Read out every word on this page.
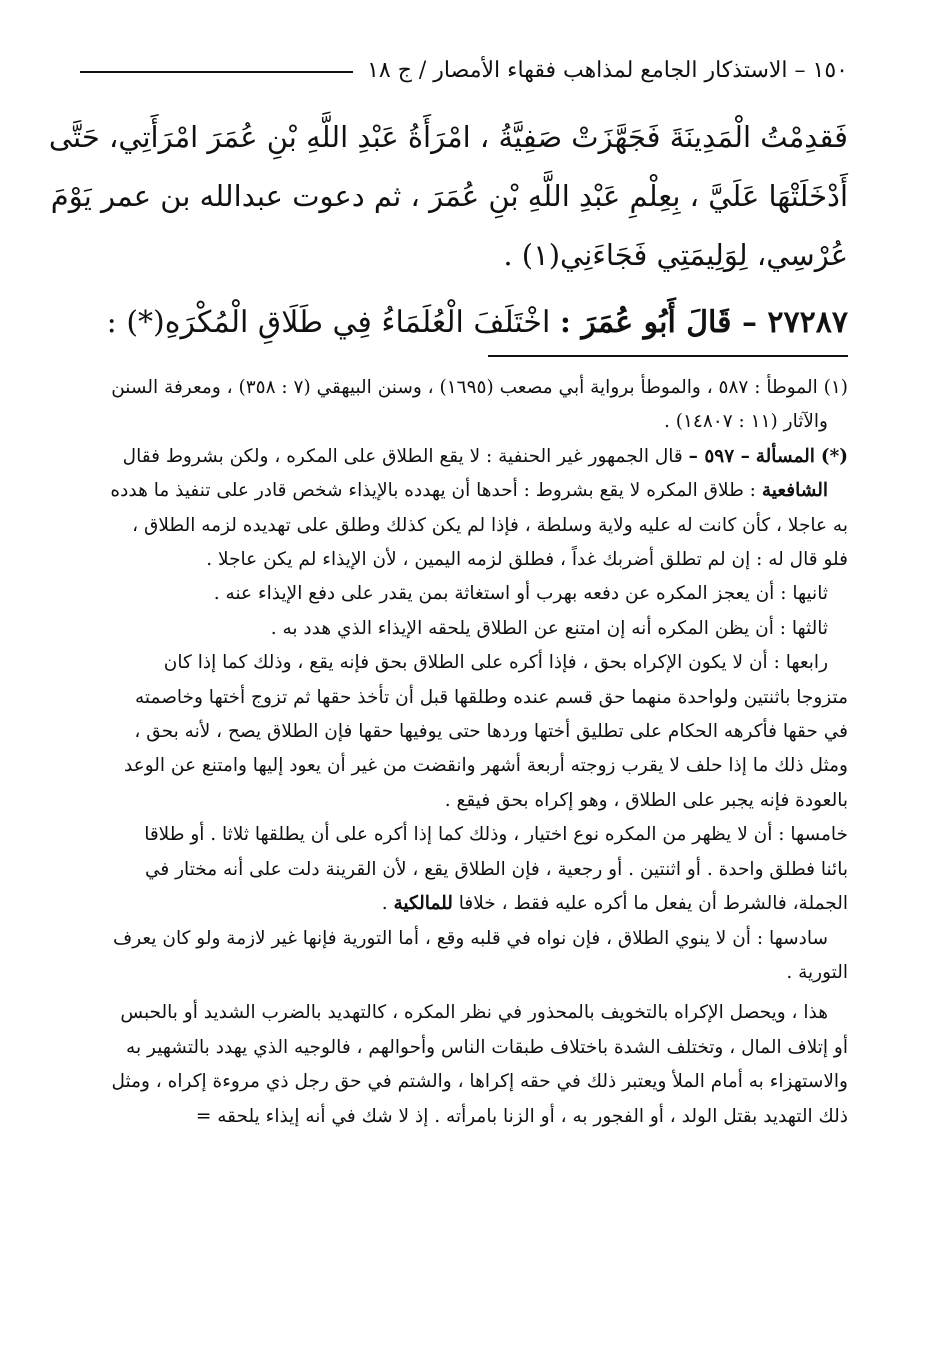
١٥٠ – الاستذكار الجامع لمذاهب فقهاء الأمصار / ج ١٨
فَقدِمْتُ الْمَدِينَةَ فَجَهَّزَتْ صَفِيَّةُ ، امْرَأَةُ عَبْدِ اللَّهِ بْنِ عُمَرَ امْرَأَتِي، حَتَّى
أَدْخَلَتْهَا عَلَيَّ ، بِعِلْمِ عَبْدِ اللَّهِ بْنِ عُمَرَ ، ثم دعوت عبدالله بن عمر يَوْمَ
عُرْسِي، لِوَلِيمَتِي فَجَاءَنِي(١) .
٢٧٢٨٧ – قَالَ أَبُو عُمَرَ : اخْتَلَفَ الْعُلَمَاءُ فِي طَلَاقِ الْمُكْرَهِ(*) :
(١) الموطأ : ٥٨٧ ، والموطأ برواية أبي مصعب (١٦٩٥) ، وسنن البيهقي (٧ : ٣٥٨) ، ومعرفة السنن
والآثار (١١ : ١٤٨٠٧) .
(*) المسألة – ٥٩٧ – قال الجمهور غير الحنفية : لا يقع الطلاق على المكره ، ولكن بشروط فقال
الشافعية : طلاق المكره لا يقع بشروط : أحدها أن يهدده بالإيذاء شخص قادر على تنفيذ ما هدده
به عاجلا ، كأن كانت له عليه ولاية وسلطة ، فإذا لم يكن كذلك وطلق على تهديده لزمه الطلاق ،
فلو قال له : إن لم تطلق أضربك غداً ، فطلق لزمه اليمين ، لأن الإيذاء لم يكن عاجلا .
ثانيها : أن يعجز المكره عن دفعه بهرب أو استغاثة بمن يقدر على دفع الإيذاء عنه .
ثالثها : أن يظن المكره أنه إن امتنع عن الطلاق يلحقه الإيذاء الذي هدد به .
رابعها : أن لا يكون الإكراه بحق ، فإذا أكره على الطلاق بحق فإنه يقع ، وذلك كما إذا كان
متزوجا باثنتين ولواحدة منهما حق قسم عنده وطلقها قبل أن تأخذ حقها ثم تزوج أختها وخاصمته
في حقها فأكرهه الحكام على تطليق أختها وردها حتى يوفيها حقها فإن الطلاق يصح ، لأنه بحق ،
ومثل ذلك ما إذا حلف لا يقرب زوجته أربعة أشهر وانقضت من غير أن يعود إليها وامتنع عن الوعد
بالعودة فإنه يجبر على الطلاق ، وهو إكراه بحق فيقع .
خامسها : أن لا يظهر من المكره نوع اختيار ، وذلك كما إذا أكره على أن يطلقها ثلاثا . أو طلاقا
بائنا فطلق واحدة . أو اثنتين . أو رجعية ، فإن الطلاق يقع ، لأن القرينة دلت على أنه مختار في
الجملة، فالشرط أن يفعل ما أكره عليه فقط ، خلافا للمالكية .
سادسها : أن لا ينوي الطلاق ، فإن نواه في قلبه وقع ، أما التورية فإنها غير لازمة ولو كان يعرف
التورية .
هذا ، ويحصل الإكراه بالتخويف بالمحذور في نظر المكره ، كالتهديد بالضرب الشديد أو بالحبس
أو إتلاف المال ، وتختلف الشدة باختلاف طبقات الناس وأحوالهم ، فالوجيه الذي يهدد بالتشهير به
والاستهزاء به أمام الملأ ويعتبر ذلك في حقه إكراها ، والشتم في حق رجل ذي مروءة إكراه ، ومثل
ذلك التهديد بقتل الولد ، أو الفجور به ، أو الزنا بامرأته . إذ لا شك في أنه إيذاء يلحقه =
